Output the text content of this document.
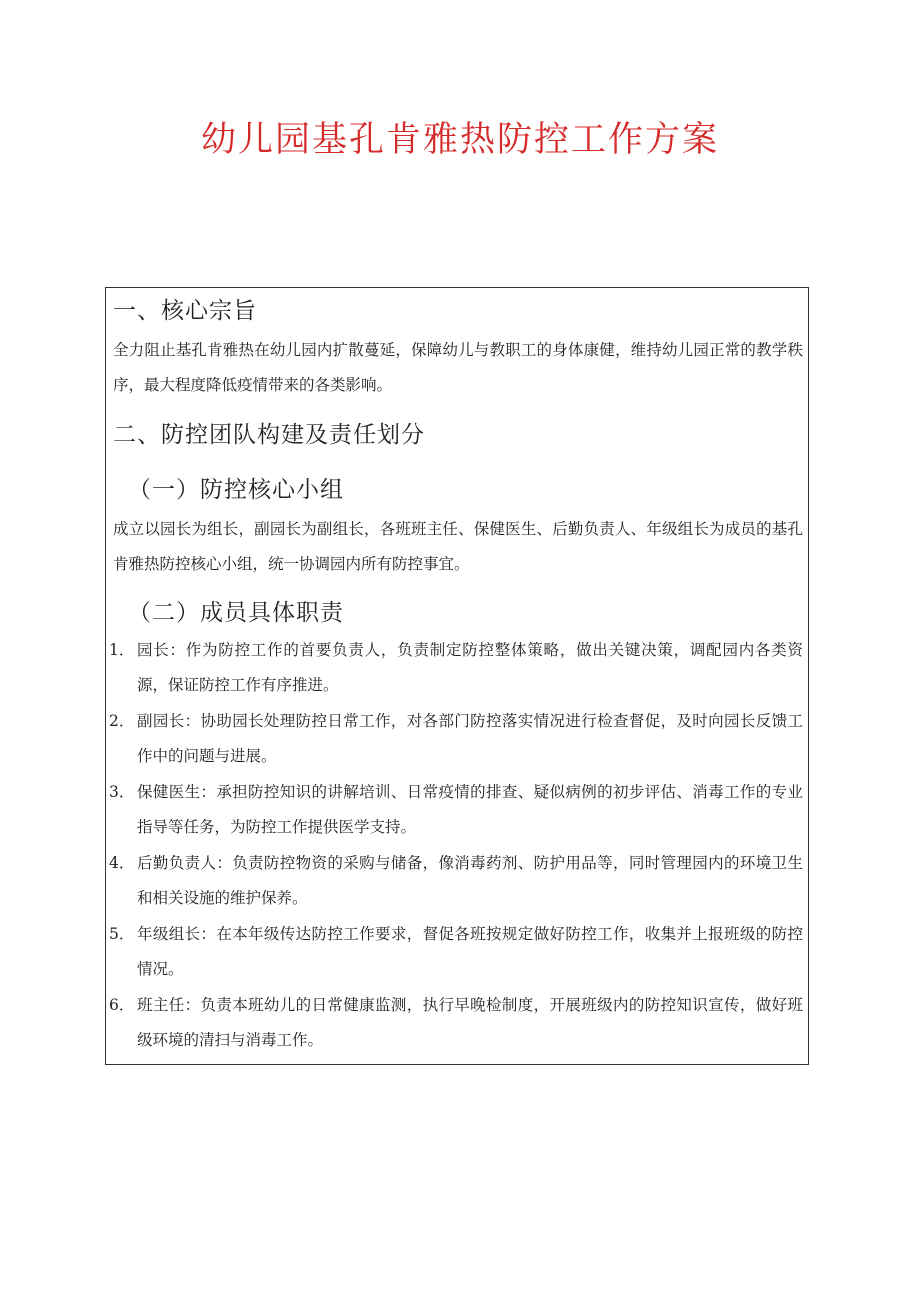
幼儿园基孔肯雅热防控工作方案
一、核心宗旨

全力阻止基孔肯雅热在幼儿园内扩散蔓延，保障幼儿与教职工的身体康健，维持幼儿园正常的教学秩序，最大程度降低疫情带来的各类影响。

二、防控团队构建及责任划分
（一）防控核心小组

成立以园长为组长，副园长为副组长，各班班主任、保健医生、后勤负责人、年级组长为成员的基孔肯雅热防控核心小组，统一协调园内所有防控事宜。

（二）成员具体职责
1． 园长：作为防控工作的首要负责人，负责制定防控整体策略，做出关键决策，调配园内各类资源，保证防控工作有序推进。
2． 副园长：协助园长处理防控日常工作，对各部门防控落实情况进行检查督促，及时向园长反馈工作中的问题与进展。
3． 保健医生：承担防控知识的讲解培训、日常疫情的排查、疑似病例的初步评估、消毒工作的专业指导等任务，为防控工作提供医学支持。
4． 后勤负责人：负责防控物资的采购与储备，像消毒药剂、防护用品等，同时管理园内的环境卫生和相关设施的维护保养。
5． 年级组长：在本年级传达防控工作要求，督促各班按规定做好防控工作，收集并上报班级的防控情况。
6． 班主任：负责本班幼儿的日常健康监测，执行早晚检制度，开展班级内的防控知识宣传，做好班级环境的清扫与消毒工作。
